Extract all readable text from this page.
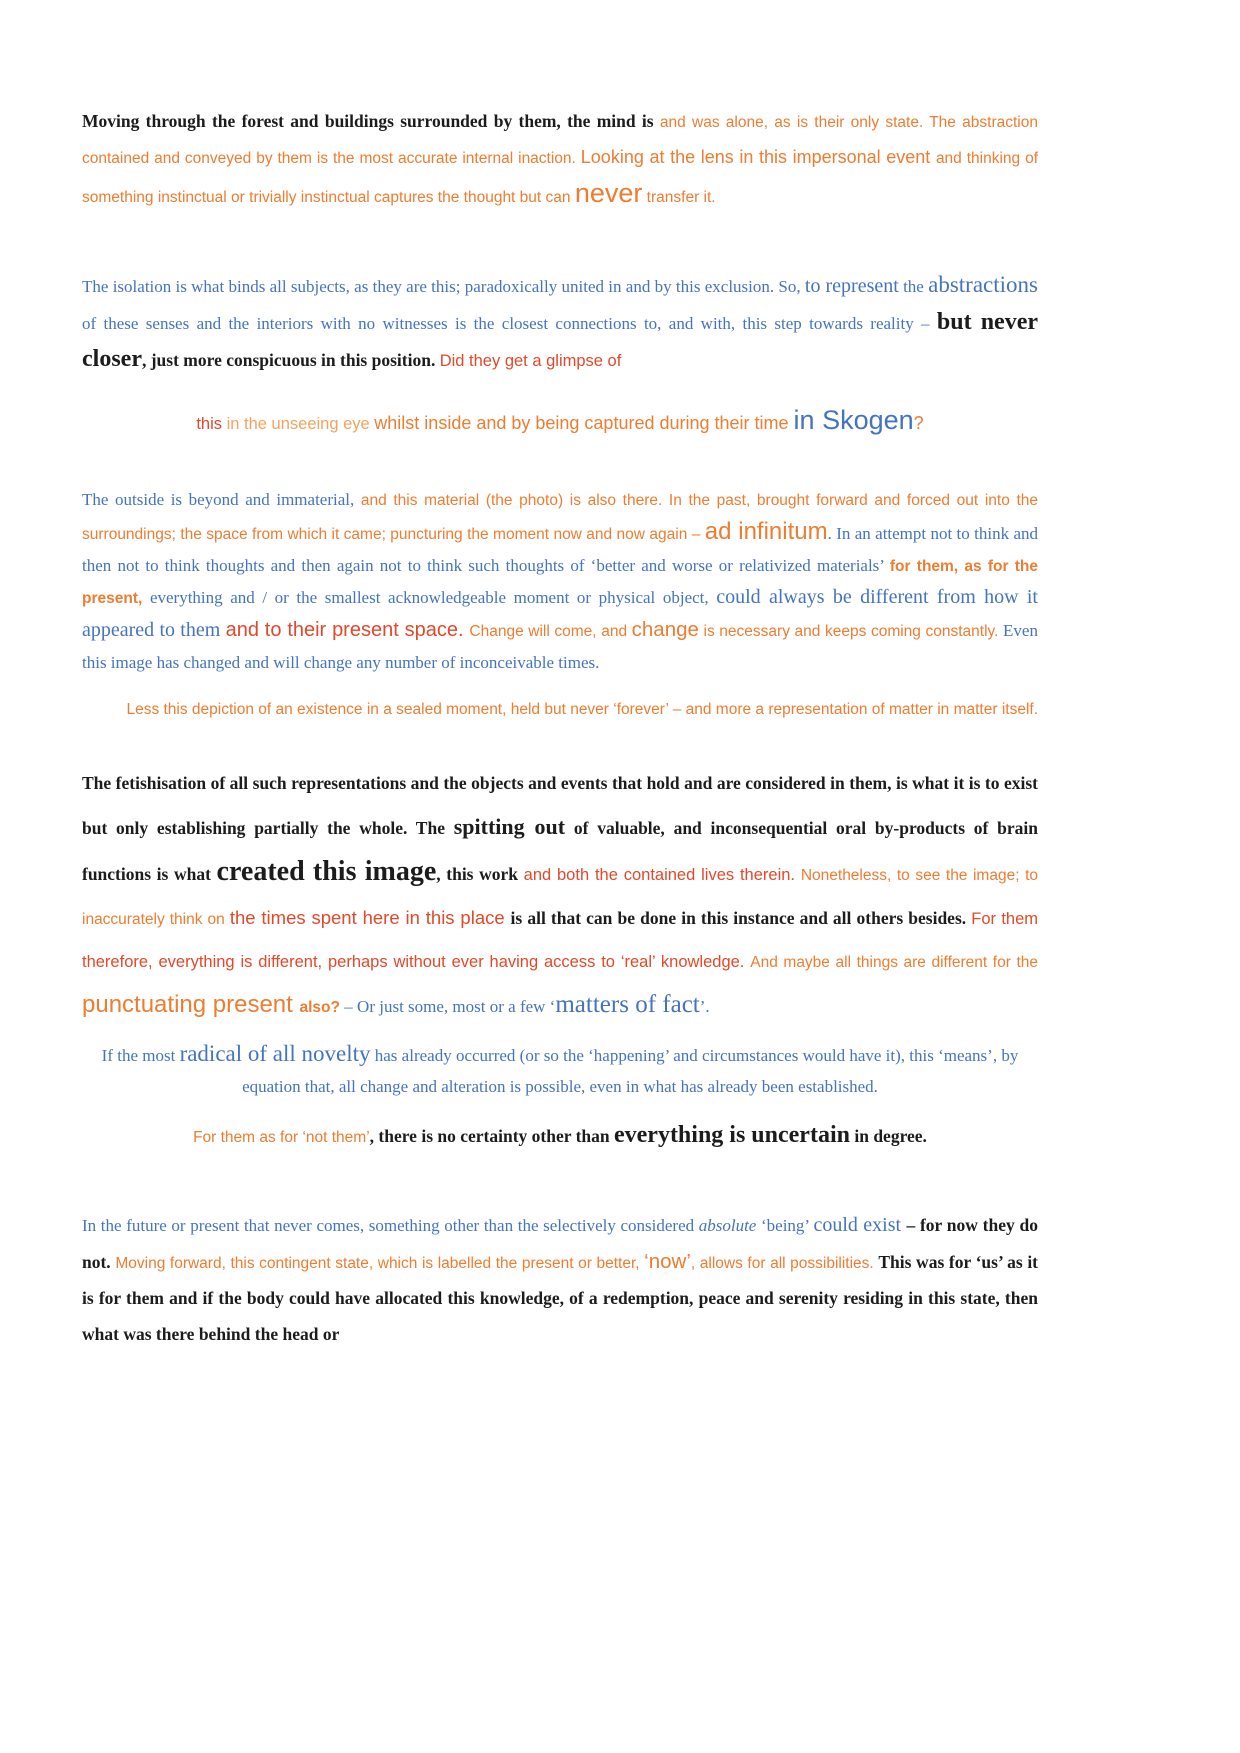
Moving through the forest and buildings surrounded by them, the mind is and was alone, as is their only state. The abstraction contained and conveyed by them is the most accurate internal inaction. Looking at the lens in this impersonal event and thinking of something instinctual or trivially instinctual captures the thought but can never transfer it.

The isolation is what binds all subjects, as they are this; paradoxically united in and by this exclusion. So, to represent the abstractions of these senses and the interiors with no witnesses is the closest connections to, and with, this step towards reality – but never closer, just more conspicuous in this position. Did they get a glimpse of

this in the unseeing eye whilst inside and by being captured during their time in Skogen?

The outside is beyond and immaterial, and this material (the photo) is also there. In the past, brought forward and forced out into the surroundings; the space from which it came; puncturing the moment now and now again – ad infinitum. In an attempt not to think and then not to think thoughts and then again not to think such thoughts of ‘better and worse or relativized materials’ for them, as for the present, everything and / or the smallest acknowledgeable moment or physical object, could always be different from how it appeared to them and to their present space. Change will come, and change is necessary and keeps coming constantly. Even this image has changed and will change any number of inconceivable times.

Less this depiction of an existence in a sealed moment, held but never ‘forever’ – and more a representation of matter in matter itself.

The fetishisation of all such representations and the objects and events that hold and are considered in them, is what it is to exist but only establishing partially the whole. The spitting out of valuable, and inconsequential oral by-products of brain functions is what created this image, this work and both the contained lives therein. Nonetheless, to see the image; to inaccurately think on the times spent here in this place is all that can be done in this instance and all others besides. For them therefore, everything is different, perhaps without ever having access to ‘real’ knowledge. And maybe all things are different for the punctuating present also? – Or just some, most or a few ‘matters of fact’.

If the most radical of all novelty has already occurred (or so the ‘happening’ and circumstances would have it), this ‘means’, by equation that, all change and alteration is possible, even in what has already been established.

For them as for ‘not them’, there is no certainty other than everything is uncertain in degree.

In the future or present that never comes, something other than the selectively considered absolute ‘being’ could exist – for now they do not. Moving forward, this contingent state, which is labelled the present or better, ‘now’, allows for all possibilities. This was for ‘us’ as it is for them and if the body could have allocated this knowledge, of a redemption, peace and serenity residing in this state, then what was there behind the head or
